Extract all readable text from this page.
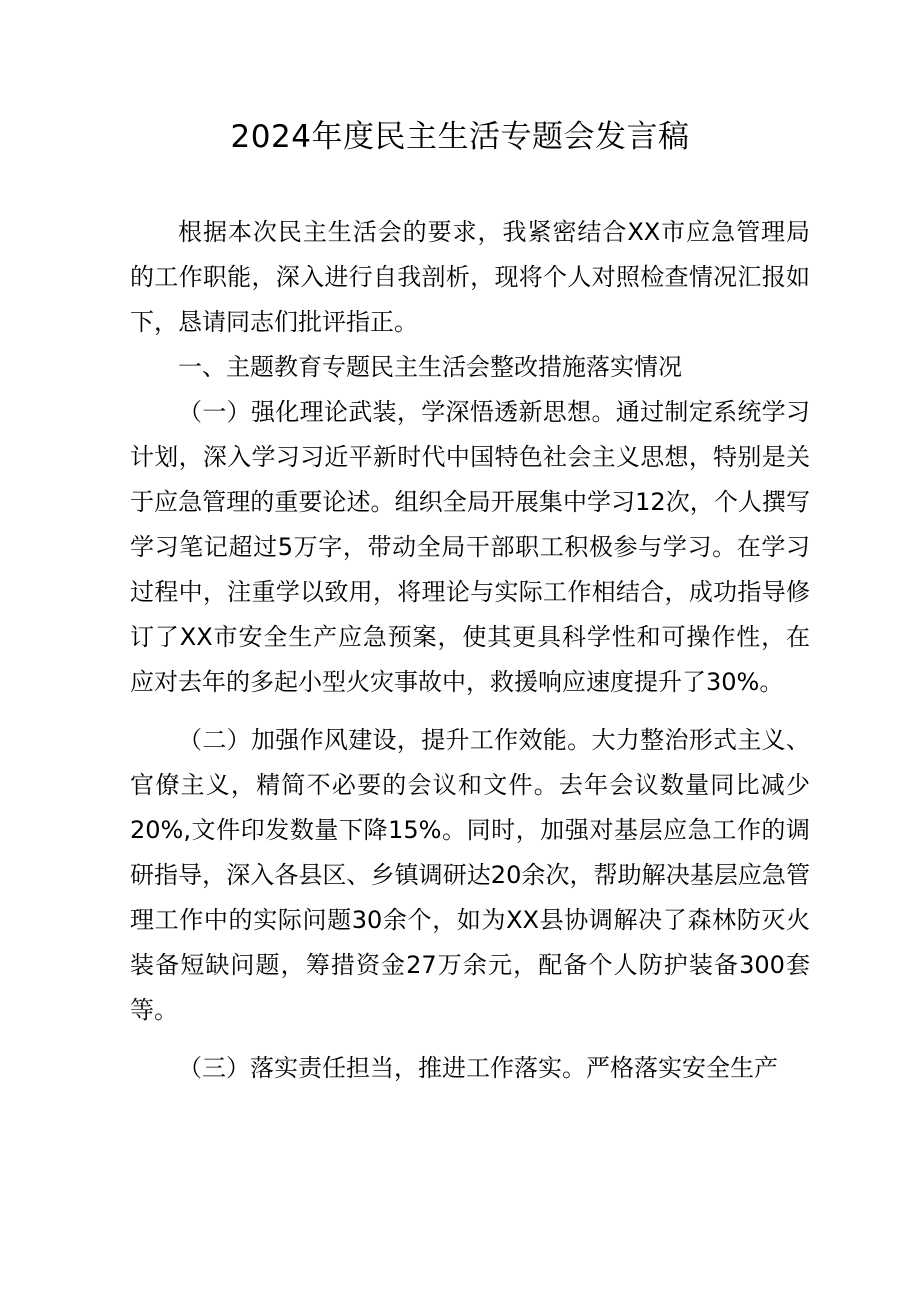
2024年度民主生活专题会发言稿

根据本次民主生活会的要求，我紧密结合XX市应急管理局的工作职能，深入进行自我剖析，现将个人对照检查情况汇报如下，恳请同志们批评指正。

一、主题教育专题民主生活会整改措施落实情况

（一）强化理论武装，学深悟透新思想。通过制定系统学习计划，深入学习习近平新时代中国特色社会主义思想，特别是关于应急管理的重要论述。组织全局开展集中学习12次，个人撰写学习笔记超过5万字，带动全局干部职工积极参与学习。在学习过程中，注重学以致用，将理论与实际工作相结合，成功指导修订了XX市安全生产应急预案，使其更具科学性和可操作性，在应对去年的多起小型火灾事故中，救援响应速度提升了30%。

（二）加强作风建设，提升工作效能。大力整治形式主义、官僚主义，精简不必要的会议和文件。去年会议数量同比减少20%,文件印发数量下降15%。同时，加强对基层应急工作的调研指导，深入各县区、乡镇调研达20余次，帮助解决基层应急管理工作中的实际问题30余个，如为XX县协调解决了森林防灭火装备短缺问题，筹措资金27万余元，配备个人防护装备300套等。

（三）落实责任担当，推进工作落实。严格落实安全生产
